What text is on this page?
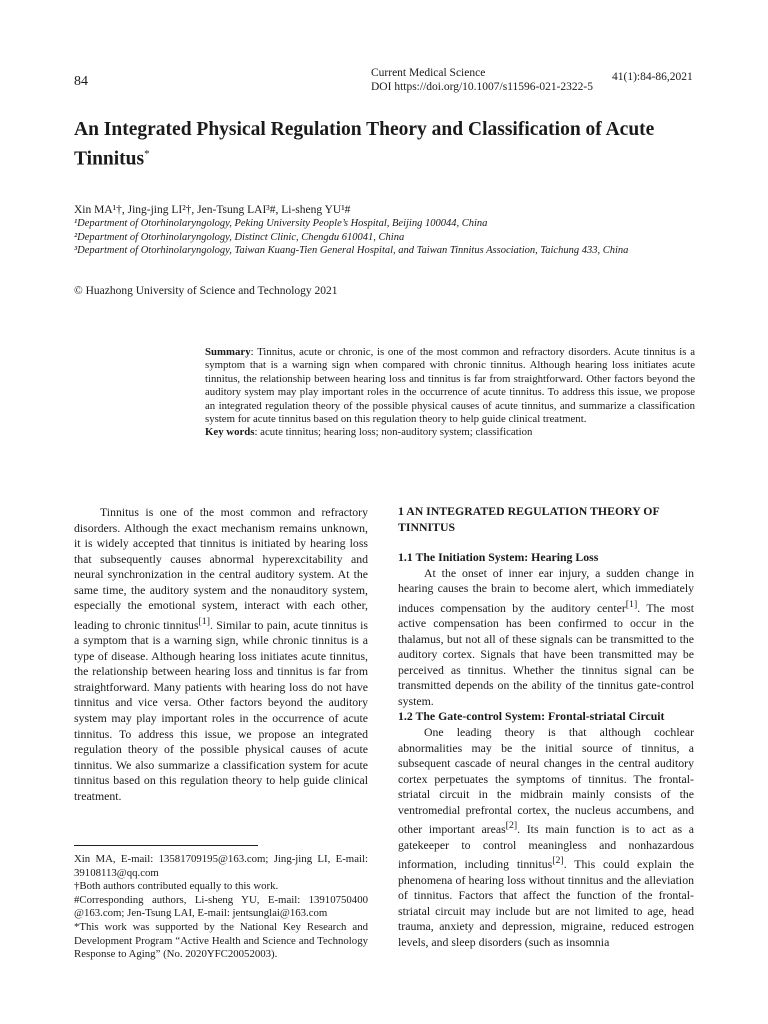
84
Current Medical Science
DOI https://doi.org/10.1007/s11596-021-2322-5
41(1):84-86,2021
An Integrated Physical Regulation Theory and Classification of Acute Tinnitus*
Xin MA¹†, Jing-jing LI²†, Jen-Tsung LAI³#, Li-sheng YU¹#
¹Department of Otorhinolaryngology, Peking University People’s Hospital, Beijing 100044, China
²Department of Otorhinolaryngology, Distinct Clinic, Chengdu 610041, China
³Department of Otorhinolaryngology, Taiwan Kuang-Tien General Hospital, and Taiwan Tinnitus Association, Taichung 433, China
© Huazhong University of Science and Technology 2021
Summary: Tinnitus, acute or chronic, is one of the most common and refractory disorders. Acute tinnitus is a symptom that is a warning sign when compared with chronic tinnitus. Although hearing loss initiates acute tinnitus, the relationship between hearing loss and tinnitus is far from straightforward. Other factors beyond the auditory system may play important roles in the occurrence of acute tinnitus. To address this issue, we propose an integrated regulation theory of the possible physical causes of acute tinnitus, and summarize a classification system for acute tinnitus based on this regulation theory to help guide clinical treatment.
Key words: acute tinnitus; hearing loss; non-auditory system; classification

Tinnitus is one of the most common and refractory disorders. Although the exact mechanism remains unknown, it is widely accepted that tinnitus is initiated by hearing loss that subsequently causes abnormal hyperexcitability and neural synchronization in the central auditory system. At the same time, the auditory system and the nonauditory system, especially the emotional system, interact with each other, leading to chronic tinnitus[1]. Similar to pain, acute tinnitus is a symptom that is a warning sign, while chronic tinnitus is a type of disease. Although hearing loss initiates acute tinnitus, the relationship between hearing loss and tinnitus is far from straightforward. Many patients with hearing loss do not have tinnitus and vice versa. Other factors beyond the auditory system may play important roles in the occurrence of acute tinnitus. To address this issue, we propose an integrated regulation theory of the possible physical causes of acute tinnitus. We also summarize a classification system for acute tinnitus based on this regulation theory to help guide clinical treatment.

Xin MA, E-mail: 13581709195@163.com; Jing-jing LI, E-mail: 39108113@qq.com

†Both authors contributed equally to this work.

#Corresponding authors, Li-sheng YU, E-mail: 13910750400 @163.com; Jen-Tsung LAI, E-mail: jentsunglai@163.com

*This work was supported by the National Key Research and Development Program “Active Health and Science and Technology Response to Aging” (No. 2020YFC20052003).

1 AN INTEGRATED REGULATION THEORY OF TINNITUS

1.1 The Initiation System: Hearing Loss

At the onset of inner ear injury, a sudden change in hearing causes the brain to become alert, which immediately induces compensation by the auditory center[1]. The most active compensation has been confirmed to occur in the thalamus, but not all of these signals can be transmitted to the auditory cortex. Signals that have been transmitted may be perceived as tinnitus. Whether the tinnitus signal can be transmitted depends on the ability of the tinnitus gate-control system.

1.2 The Gate-control System: Frontal-striatal Circuit

One leading theory is that although cochlear abnormalities may be the initial source of tinnitus, a subsequent cascade of neural changes in the central auditory cortex perpetuates the symptoms of tinnitus. The frontal-striatal circuit in the midbrain mainly consists of the ventromedial prefrontal cortex, the nucleus accumbens, and other important areas[2]. Its main function is to act as a gatekeeper to control meaningless and nonhazardous information, including tinnitus[2]. This could explain the phenomena of hearing loss without tinnitus and the alleviation of tinnitus. Factors that affect the function of the frontal-striatal circuit may include but are not limited to age, head trauma, anxiety and depression, migraine, reduced estrogen levels, and sleep disorders (such as insomnia
